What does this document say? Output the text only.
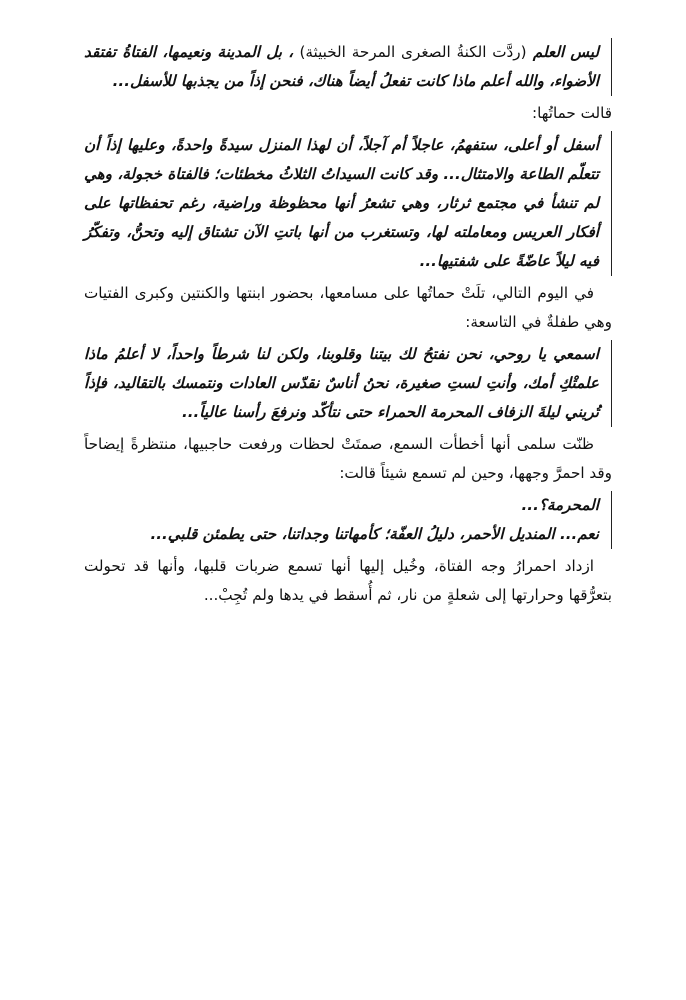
ليس العلم (ردَّت الكنةُ الصغرى المرحة الخبيثة) ، بل المدينة ونعيمها، الفتاةُ تفتقد الأضواء، والله أعلم ماذا كانت تفعلُ أيضاً هناك، فنحن إذاً من يجذبها للأسفل...

قالت حماتُها:

أسفل أو أعلى، ستفهمُ، عاجلاً أم آجلاً، أن لهذا المنزل سيدةً واحدةً، وعليها إذاً أن تتعلّم الطاعة والامتثال... وقد كانت السيداتُ الثلاثُ مخطئات؛ فالفتاة خجولة، وهي لم تنشأ في مجتمع ثرثار، وهي تشعرُ أنها محظوظة وراضية، رغم تحفظاتها على أفكار العريس ومعاملته لها، وتستغرب من أنها باتتِ الآن تشتاق إليه وتحنُّ، وتفكّرُ فيه ليلاً عاضّةً على شفتيها...

في اليوم التالي، تلَتْ حماتُها على مسامعها، بحضور ابنتها والكنتين وكبرى الفتيات وهي طفلةٌ في التاسعة:

اسمعي يا روحي، نحن نفتحُ لك بيتنا وقلوبنا، ولكن لنا شرطاً واحداً، لا أعلمُ ماذا علمتْكِ أمك، وأنتِ لستِ صغيرة، نحنُ أناسٌ نقدّس العادات ونتمسك بالتقاليد، فإذاً تُريني ليلةَ الزفاف المحرمة الحمراء حتى نتأكّد ونرفعَ رأسنا عالياً...

ظنّت سلمى أنها أخطأت السمع، صمتَتْ لحظات ورفعت حاجبيها، منتظرةً إيضاحاً وقد احمرَّ وجهها، وحين لم تسمع شيئاً قالت:

المحرمة؟...

نعم... المنديل الأحمر، دليلُ العفّة؛ كأمهاتنا وجداتنا، حتى يطمئن قلبي...

ازداد احمرارُ وجه الفتاة، وخُيل إليها أنها تسمع ضربات قلبها، وأنها قد تحولت بتعرُّقها وحرارتها إلى شعلةٍ من نار، ثم أُسقط في يدها ولم تُجِبْ...
